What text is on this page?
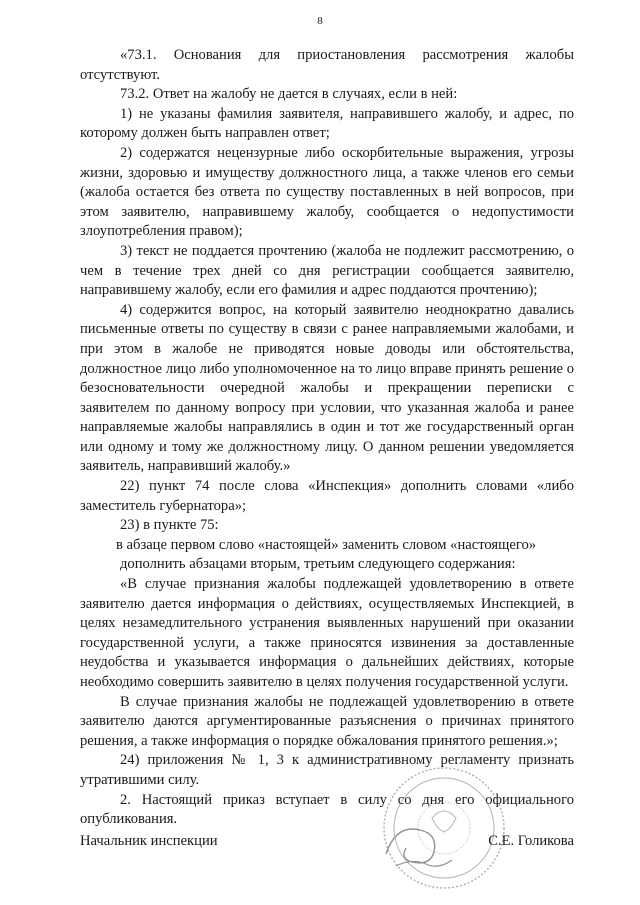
8

«73.1. Основания для приостановления рассмотрения жалобы отсутствуют.

73.2. Ответ на жалобу не дается в случаях, если в ней:

1) не указаны фамилия заявителя, направившего жалобу, и адрес, по которому должен быть направлен ответ;

2) содержатся нецензурные либо оскорбительные выражения, угрозы жизни, здоровью и имуществу должностного лица, а также членов его семьи (жалоба остается без ответа по существу поставленных в ней вопросов, при этом заявителю, направившему жалобу, сообщается о недопустимости злоупотребления правом);

3) текст не поддается прочтению (жалоба не подлежит рассмотрению, о чем в течение трех дней со дня регистрации сообщается заявителю, направившему жалобу, если его фамилия и адрес поддаются прочтению);

4) содержится вопрос, на который заявителю неоднократно давались письменные ответы по существу в связи с ранее направляемыми жалобами, и при этом в жалобе не приводятся новые доводы или обстоятельства, должностное лицо либо уполномоченное на то лицо вправе принять решение о безосновательности очередной жалобы и прекращении переписки с заявителем по данному вопросу при условии, что указанная жалоба и ранее направляемые жалобы направлялись в один и тот же государственный орган или одному и тому же должностному лицу. О данном решении уведомляется заявитель, направивший жалобу.»

22) пункт 74 после слова «Инспекция» дополнить словами «либо заместитель губернатора»;

23) в пункте 75:

в абзаце первом слово «настоящей» заменить словом «настоящего»

дополнить абзацами вторым, третьим следующего содержания:

«В случае признания жалобы подлежащей удовлетворению в ответе заявителю дается информация о действиях, осуществляемых Инспекцией, в целях незамедлительного устранения выявленных нарушений при оказании государственной услуги, а также приносятся извинения за доставленные неудобства и указывается информация о дальнейших действиях, которые необходимо совершить заявителю в целях получения государственной услуги.

В случае признания жалобы не подлежащей удовлетворению в ответе заявителю даются аргументированные разъяснения о причинах принятого решения, а также информация о порядке обжалования принятого решения.»;

24) приложения № 1, 3 к административному регламенту признать утратившими силу.

2. Настоящий приказ вступает в силу со дня его официального опубликования.

Начальник инспекции	С.Е. Голикова
